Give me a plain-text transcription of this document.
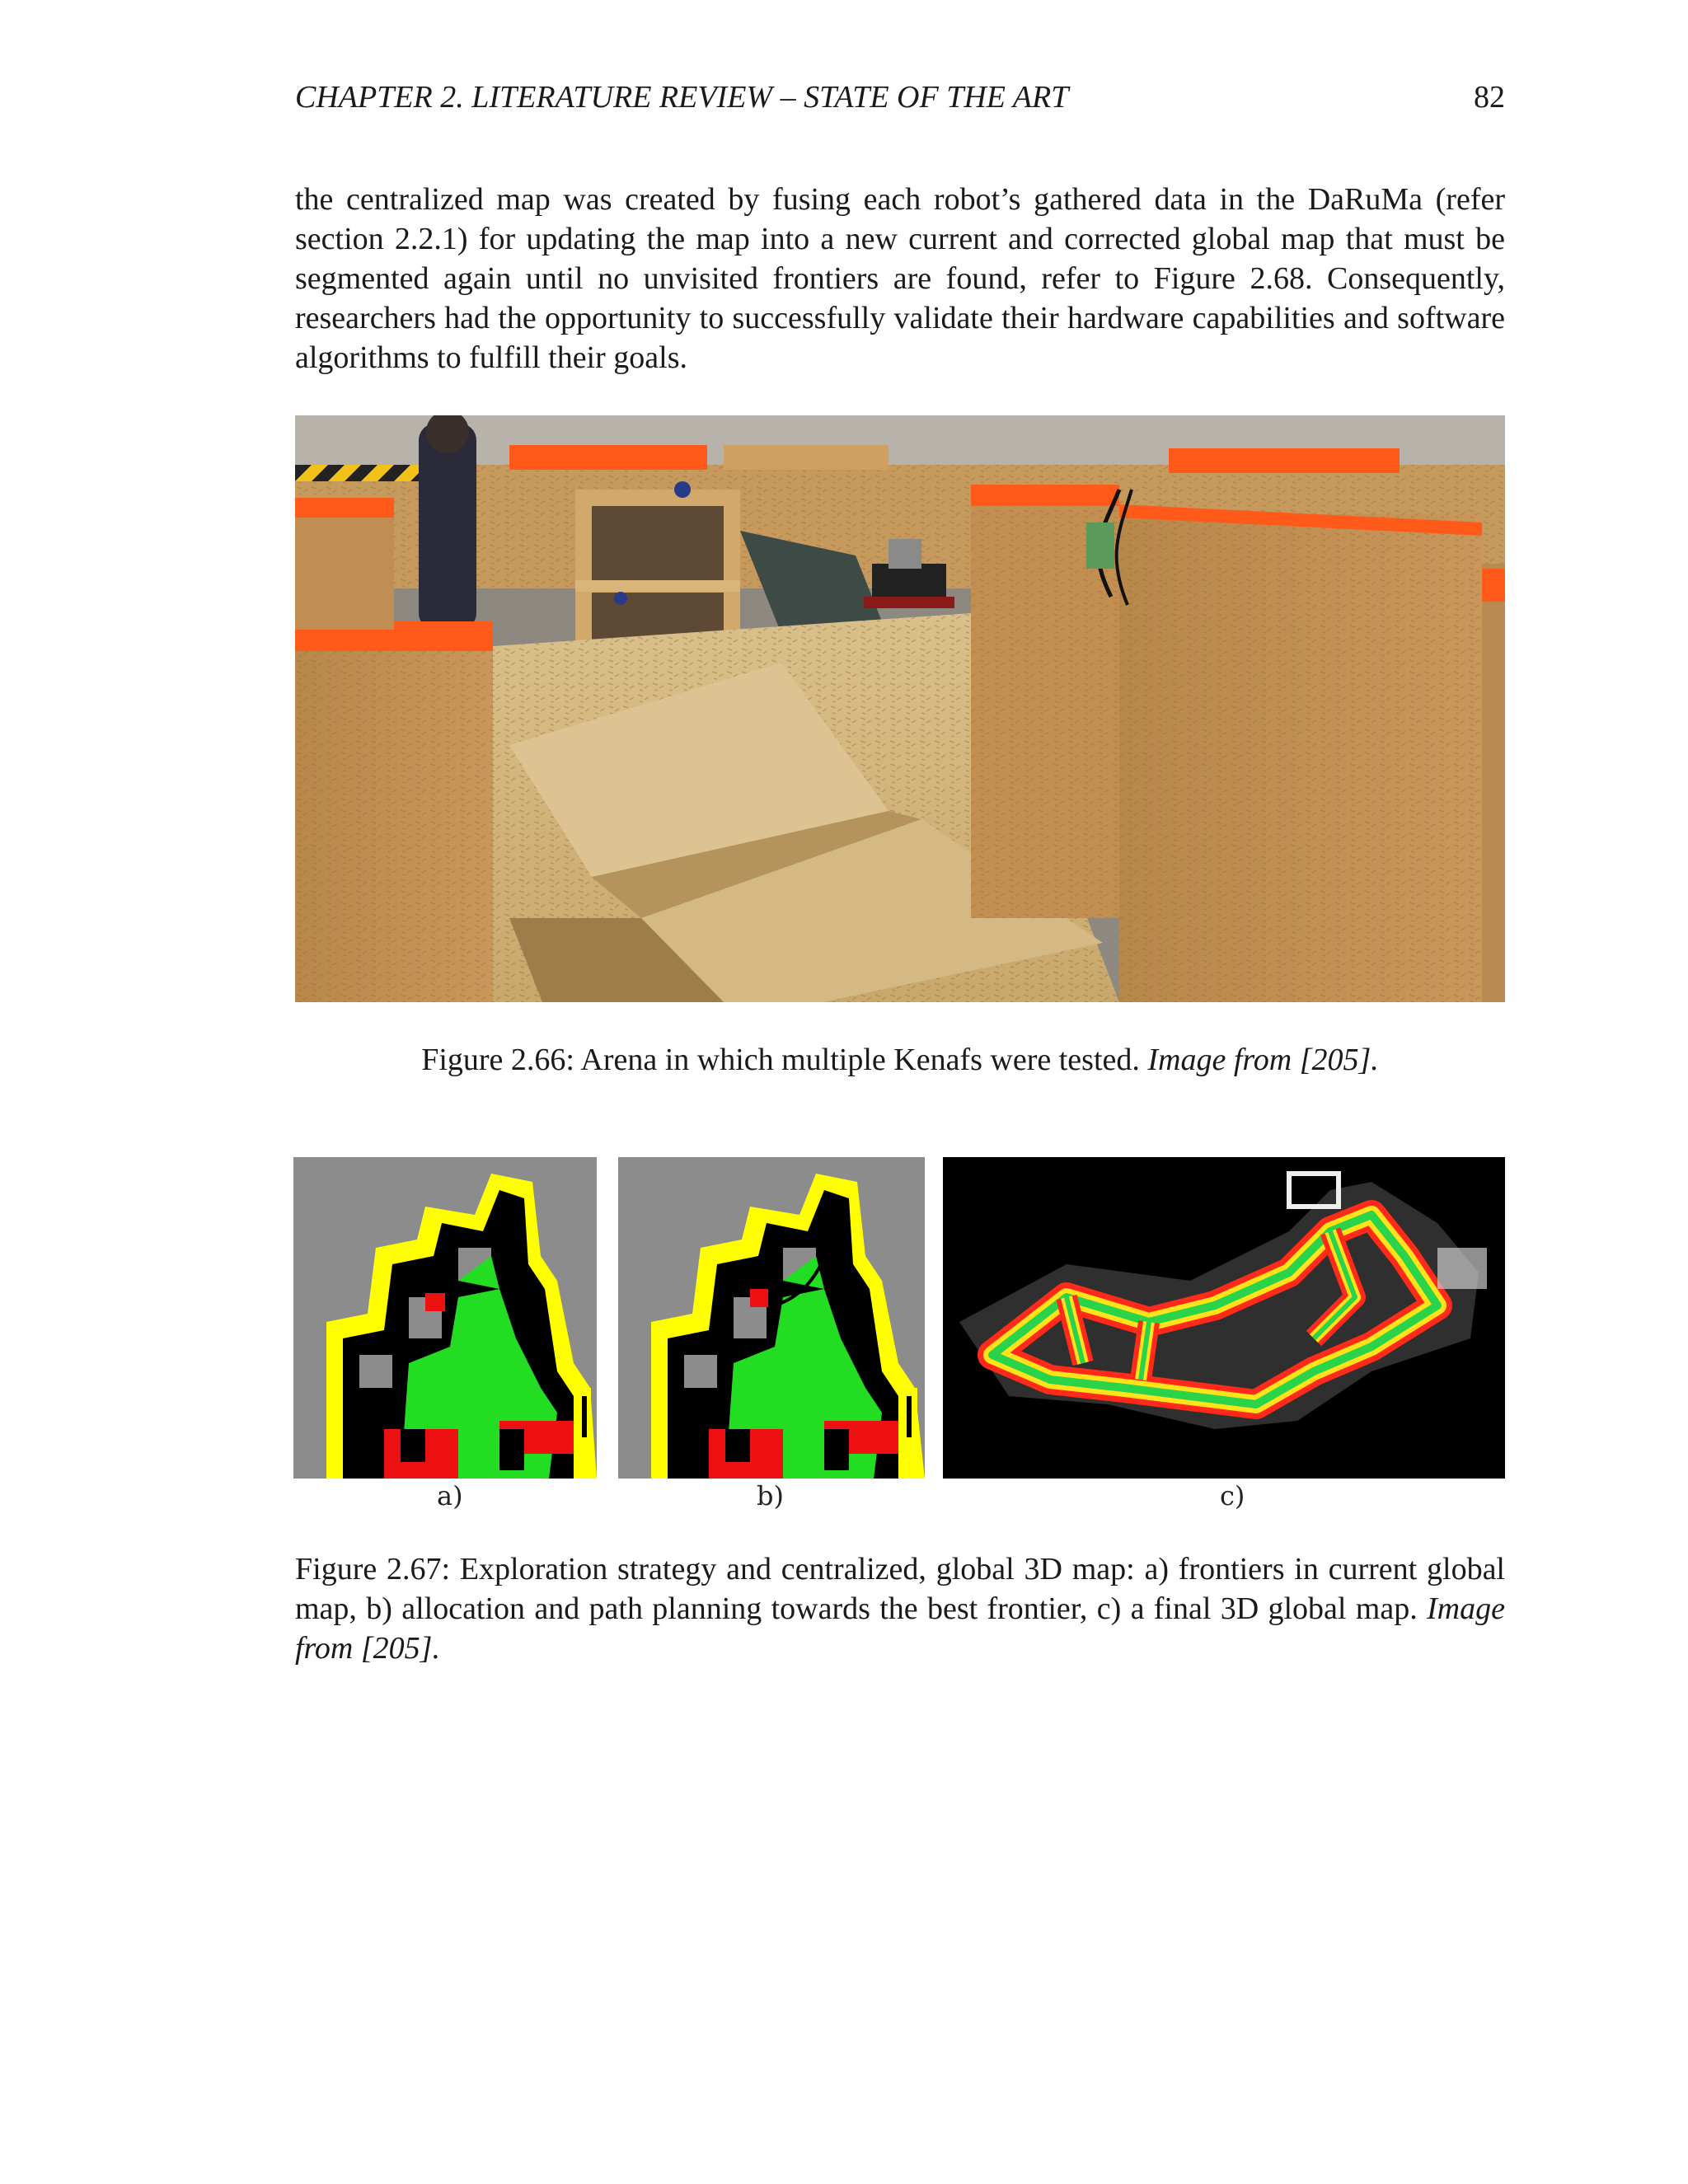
CHAPTER 2. LITERATURE REVIEW – STATE OF THE ART	82

the centralized map was created by fusing each robot’s gathered data in the DaRuMa (refer section 2.2.1) for updating the map into a new current and corrected global map that must be segmented again until no unvisited frontiers are found, refer to Figure 2.68. Consequently, researchers had the opportunity to successfully validate their hardware capabilities and software algorithms to fulfill their goals.

Figure 2.66: Arena in which multiple Kenafs were tested. Image from [205].

a)	b)	c)

Figure 2.67: Exploration strategy and centralized, global 3D map: a) frontiers in current global map, b) allocation and path planning towards the best frontier, c) a final 3D global map. Image from [205].
